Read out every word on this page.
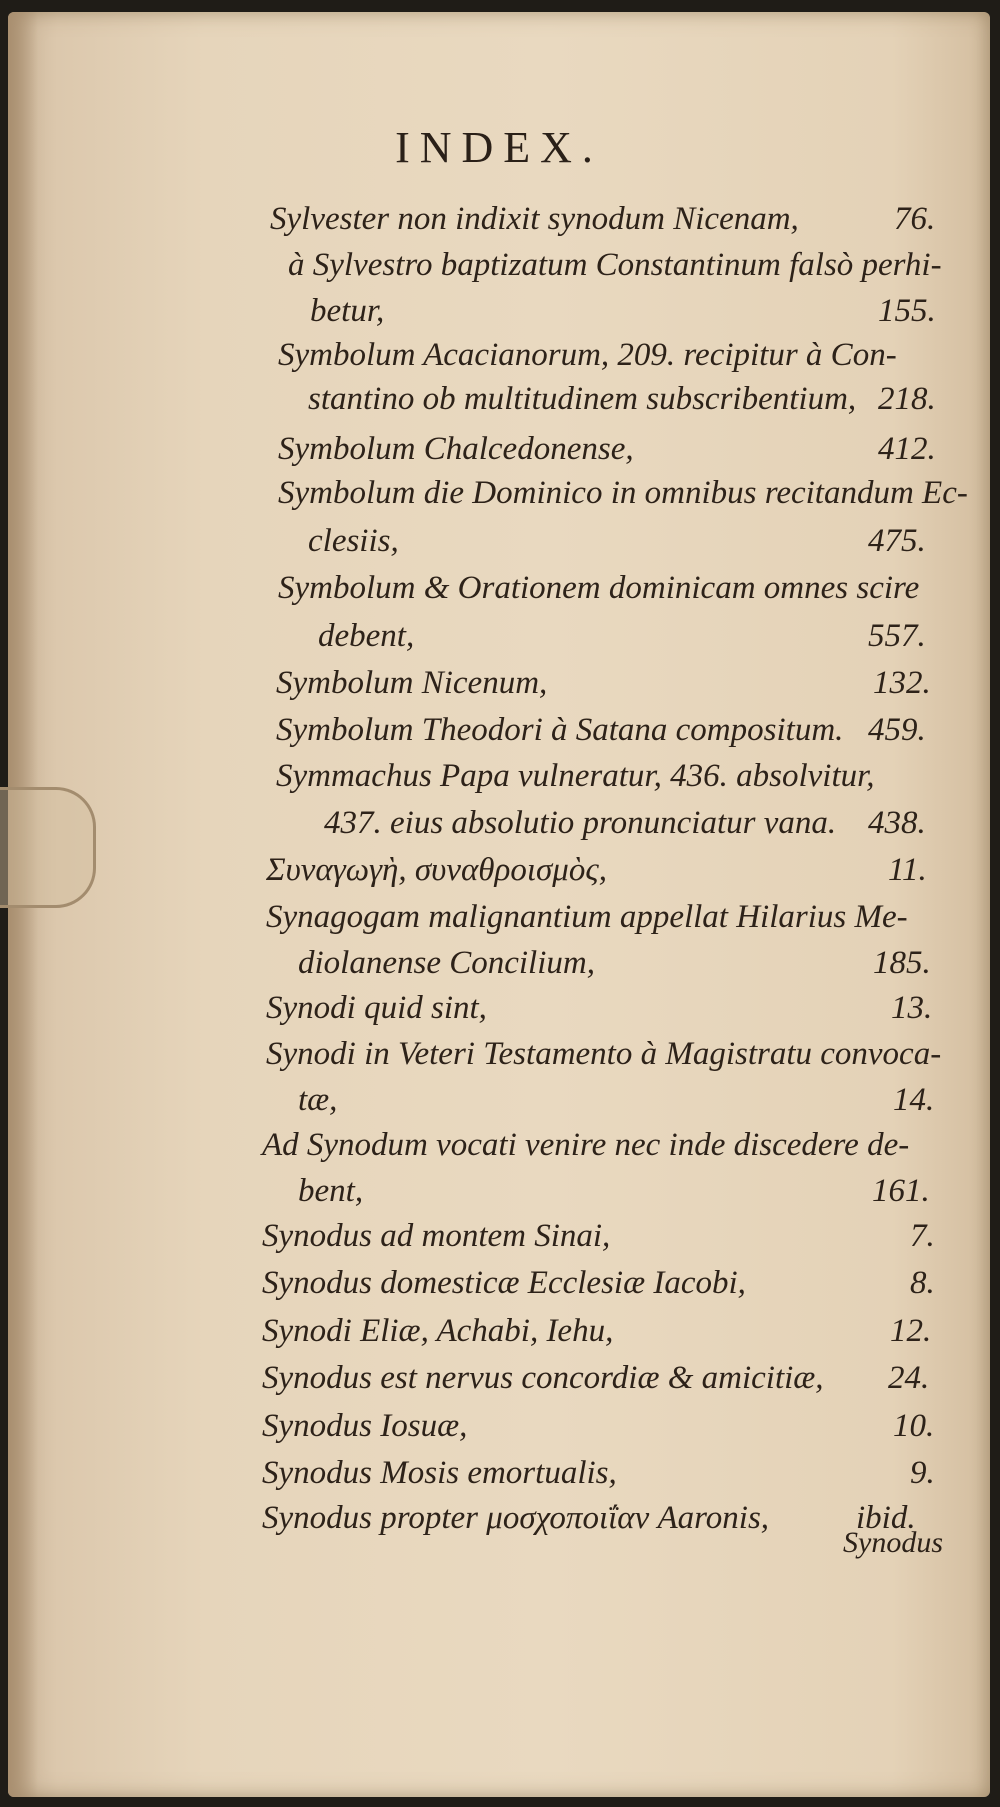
INDEX.
Sylvester non indixit synodum Nicenam,	76.
à Sylvestro baptizatum Constantinum falsò perhi-
betur,	155.
Symbolum Acacianorum, 209. recipitur à Con-
stantino ob multitudinem subscribentium, 218.
Symbolum Chalcedonense,	412.
Symbolum die Dominico in omnibus recitandum Ec-
clesiis,	475.
Symbolum & Orationem dominicam omnes scire
debent,	557.
Symbolum Nicenum,	132.
Symbolum Theodori à Satana compositum. 459.
Symmachus Papa vulneratur, 436. absolvitur,
437. eius absolutio pronunciatur vana. 438.
Συναγωγὴ, συναθροισμὸς,	11.
Synagogam malignantium appellat Hilarius Me-
diolanense Concilium,	185.
Synodi quid sint,	13.
Synodi in Veteri Testamento à Magistratu convoca-
tæ,	14.
Ad Synodum vocati venire nec inde discedere de-
bent,	161.
Synodus ad montem Sinai,	7.
Synodus domesticæ Ecclesiæ Iacobi,	8.
Synodi Eliæ, Achabi, Iehu,	12.
Synodus est nervus concordiæ & amicitiæ, 24.
Synodus Iosuæ,	10.
Synodus Mosis emortualis,	9.
Synodus propter μοσχοποιΐαν Aaronis,	ibid.
Synodus
